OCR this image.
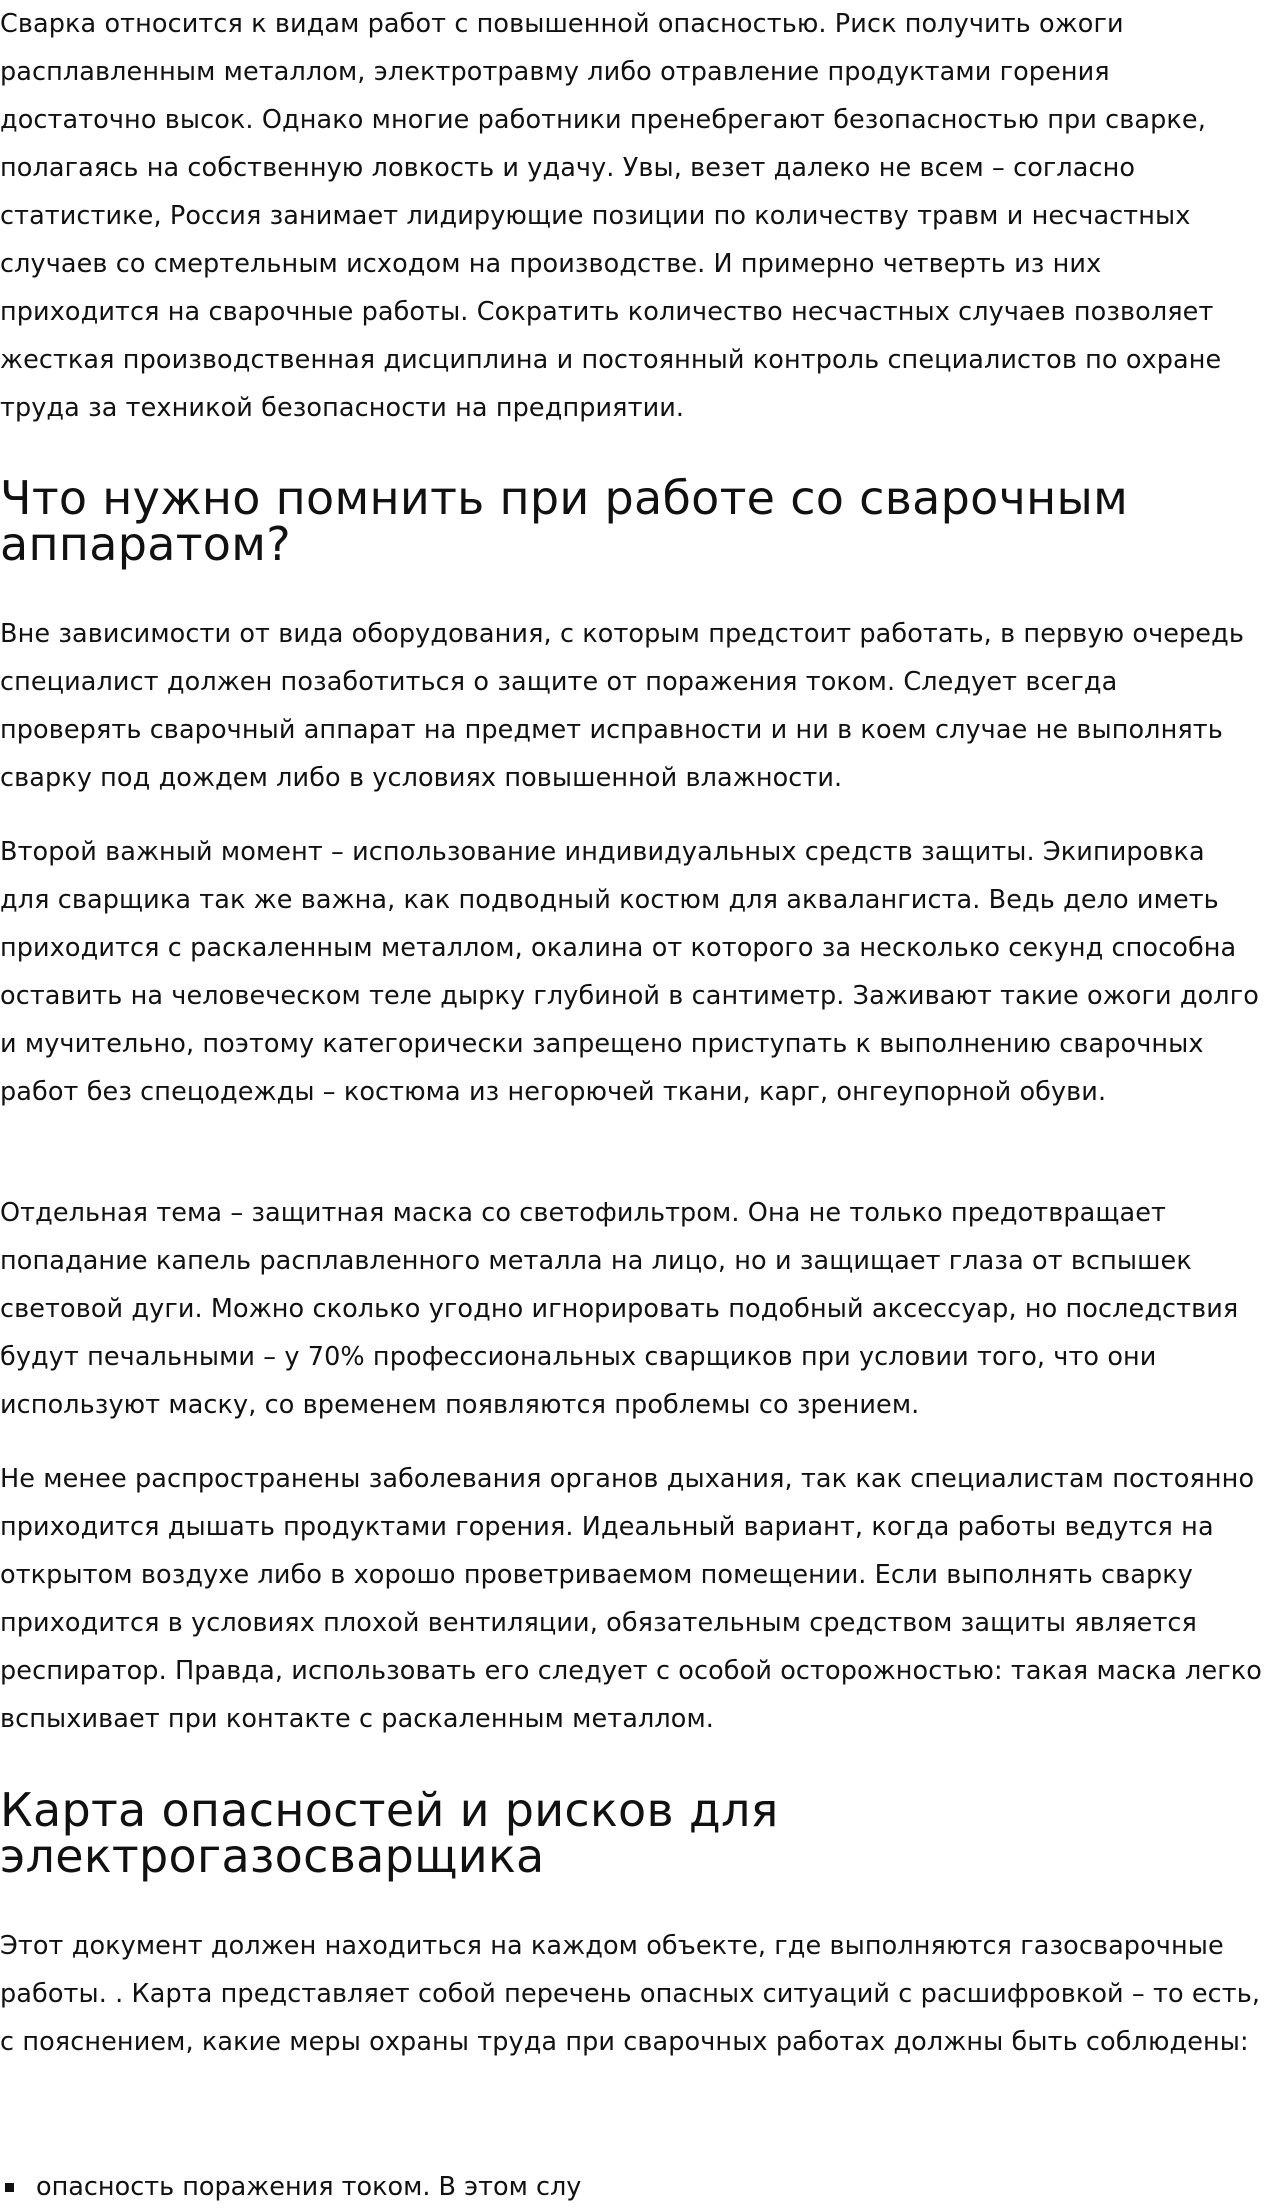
Сварка относится к видам работ с повышенной опасностью. Риск получить ожоги расплавленным металлом, электротравму либо отравление продуктами горения достаточно высок. Однако многие работники пренебрегают безопасностью при сварке, полагаясь на собственную ловкость и удачу. Увы, везет далеко не всем – согласно статистике, Россия занимает лидирующие позиции по количеству травм и несчастных случаев со смертельным исходом на производстве. И примерно четверть из них приходится на сварочные работы. Сократить количество несчастных случаев позволяет жесткая производственная дисциплина и постоянный контроль специалистов по охране труда за техникой безопасности на предприятии.

Что нужно помнить при работе со сварочным аппаратом?

Вне зависимости от вида оборудования, с которым предстоит работать, в первую очередь специалист должен позаботиться о защите от поражения током. Следует всегда проверять сварочный аппарат на предмет исправности и ни в коем случае не выполнять сварку под дождем либо в условиях повышенной влажности.

Второй важный момент – использование индивидуальных средств защиты. Экипировка для сварщика так же важна, как подводный костюм для аквалангиста. Ведь дело иметь приходится с раскаленным металлом, окалина от которого за несколько секунд способна оставить на человеческом теле дырку глубиной в сантиметр. Заживают такие ожоги долго и мучительно, поэтому категорически запрещено приступать к выполнению сварочных работ без спецодежды – костюма из негорючей ткани, карг, онгеупорной обуви.

Отдельная тема – защитная маска со светофильтром. Она не только предотвращает попадание капель расплавленного металла на лицо, но и защищает глаза от вспышек световой дуги. Можно сколько угодно игнорировать подобный аксессуар, но последствия будут печальными – у 70% профессиональных сварщиков при условии того, что они используют маску, со временем появляются проблемы со зрением.

Не менее распространены заболевания органов дыхания, так как специалистам постоянно приходится дышать продуктами горения. Идеальный вариант, когда работы ведутся на открытом воздухе либо в хорошо проветриваемом помещении. Если выполнять сварку приходится в условиях плохой вентиляции, обязательным средством защиты является респиратор. Правда, использовать его следует с особой осторожностью: такая маска легко вспыхивает при контакте с раскаленным металлом.

Карта опасностей и рисков для электрогазосварщика

Этот документ должен находиться на каждом объекте, где выполняются газосварочные работы. . Карта представляет собой перечень опасных ситуаций с расшифровкой – то есть, с пояснением, какие меры охраны труда при сварочных работах должны быть соблюдены:

опасность поражения током. В этом слу
